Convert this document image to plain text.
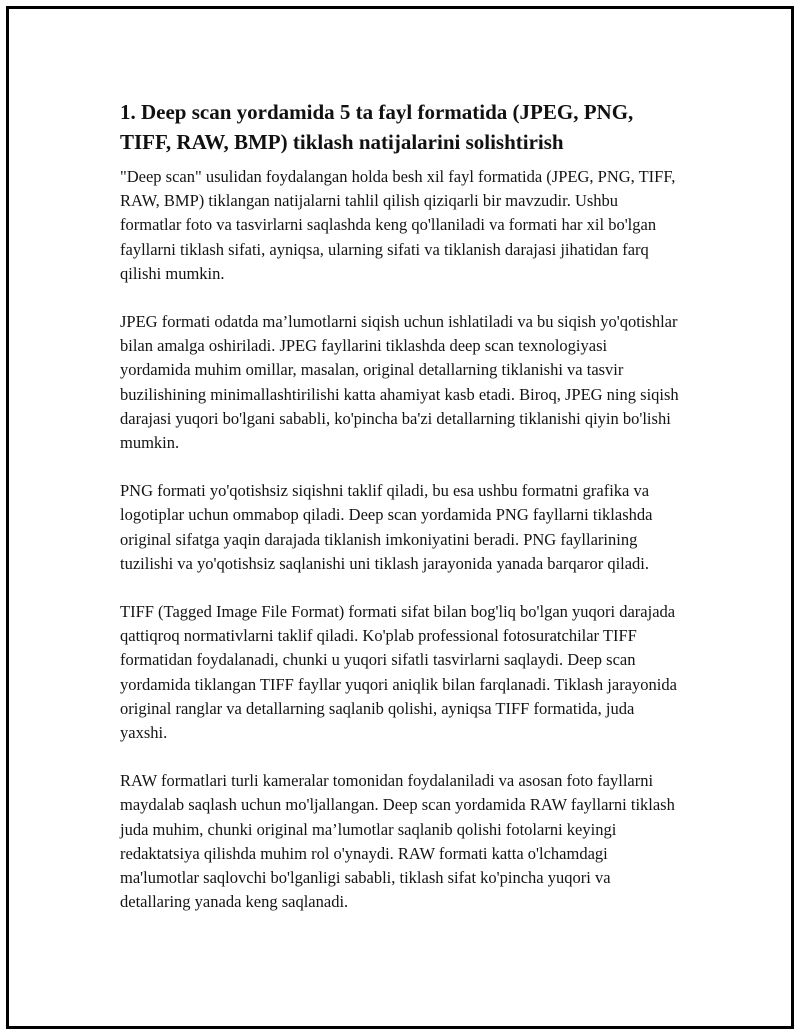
1. Deep scan yordamida 5 ta fayl formatida (JPEG, PNG, TIFF, RAW, BMP) tiklash natijalarini solishtirish

"Deep scan" usulidan foydalangan holda besh xil fayl formatida (JPEG, PNG, TIFF, RAW, BMP) tiklangan natijalarni tahlil qilish qiziqarli bir mavzudir. Ushbu formatlar foto va tasvirlarni saqlashda keng qo'llaniladi va formati har xil bo'lgan fayllarni tiklash sifati, ayniqsa, ularning sifati va tiklanish darajasi jihatidan farq qilishi mumkin.

JPEG formati odatda ma’lumotlarni siqish uchun ishlatiladi va bu siqish yo'qotishlar bilan amalga oshiriladi. JPEG fayllarini tiklashda deep scan texnologiyasi yordamida muhim omillar, masalan, original detallarning tiklanishi va tasvir buzilishining minimallashtirilishi katta ahamiyat kasb etadi. Biroq, JPEG ning siqish darajasi yuqori bo'lgani sababli, ko'pincha ba'zi detallarning tiklanishi qiyin bo'lishi mumkin.

PNG formati yo'qotishsiz siqishni taklif qiladi, bu esa ushbu formatni grafika va logotiplar uchun ommabop qiladi. Deep scan yordamida PNG fayllarni tiklashda original sifatga yaqin darajada tiklanish imkoniyatini beradi. PNG fayllarining tuzilishi va yo'qotishsiz saqlanishi uni tiklash jarayonida yanada barqaror qiladi.

TIFF (Tagged Image File Format) formati sifat bilan bog'liq bo'lgan yuqori darajada qattiqroq normativlarni taklif qiladi. Ko'plab professional fotosuratchilar TIFF formatidan foydalanadi, chunki u yuqori sifatli tasvirlarni saqlaydi. Deep scan yordamida tiklangan TIFF fayllar yuqori aniqlik bilan farqlanadi. Tiklash jarayonida original ranglar va detallarning saqlanib qolishi, ayniqsa TIFF formatida, juda yaxshi.

RAW formatlari turli kameralar tomonidan foydalaniladi va asosan foto fayllarni maydalab saqlash uchun mo'ljallangan. Deep scan yordamida RAW fayllarni tiklash juda muhim, chunki original ma’lumotlar saqlanib qolishi fotolarni keyingi redaktatsiya qilishda muhim rol o'ynaydi. RAW formati katta o'lchamdagi ma'lumotlar saqlovchi bo'lganligi sababli, tiklash sifat ko'pincha yuqori va detallaring yanada keng saqlanadi.
